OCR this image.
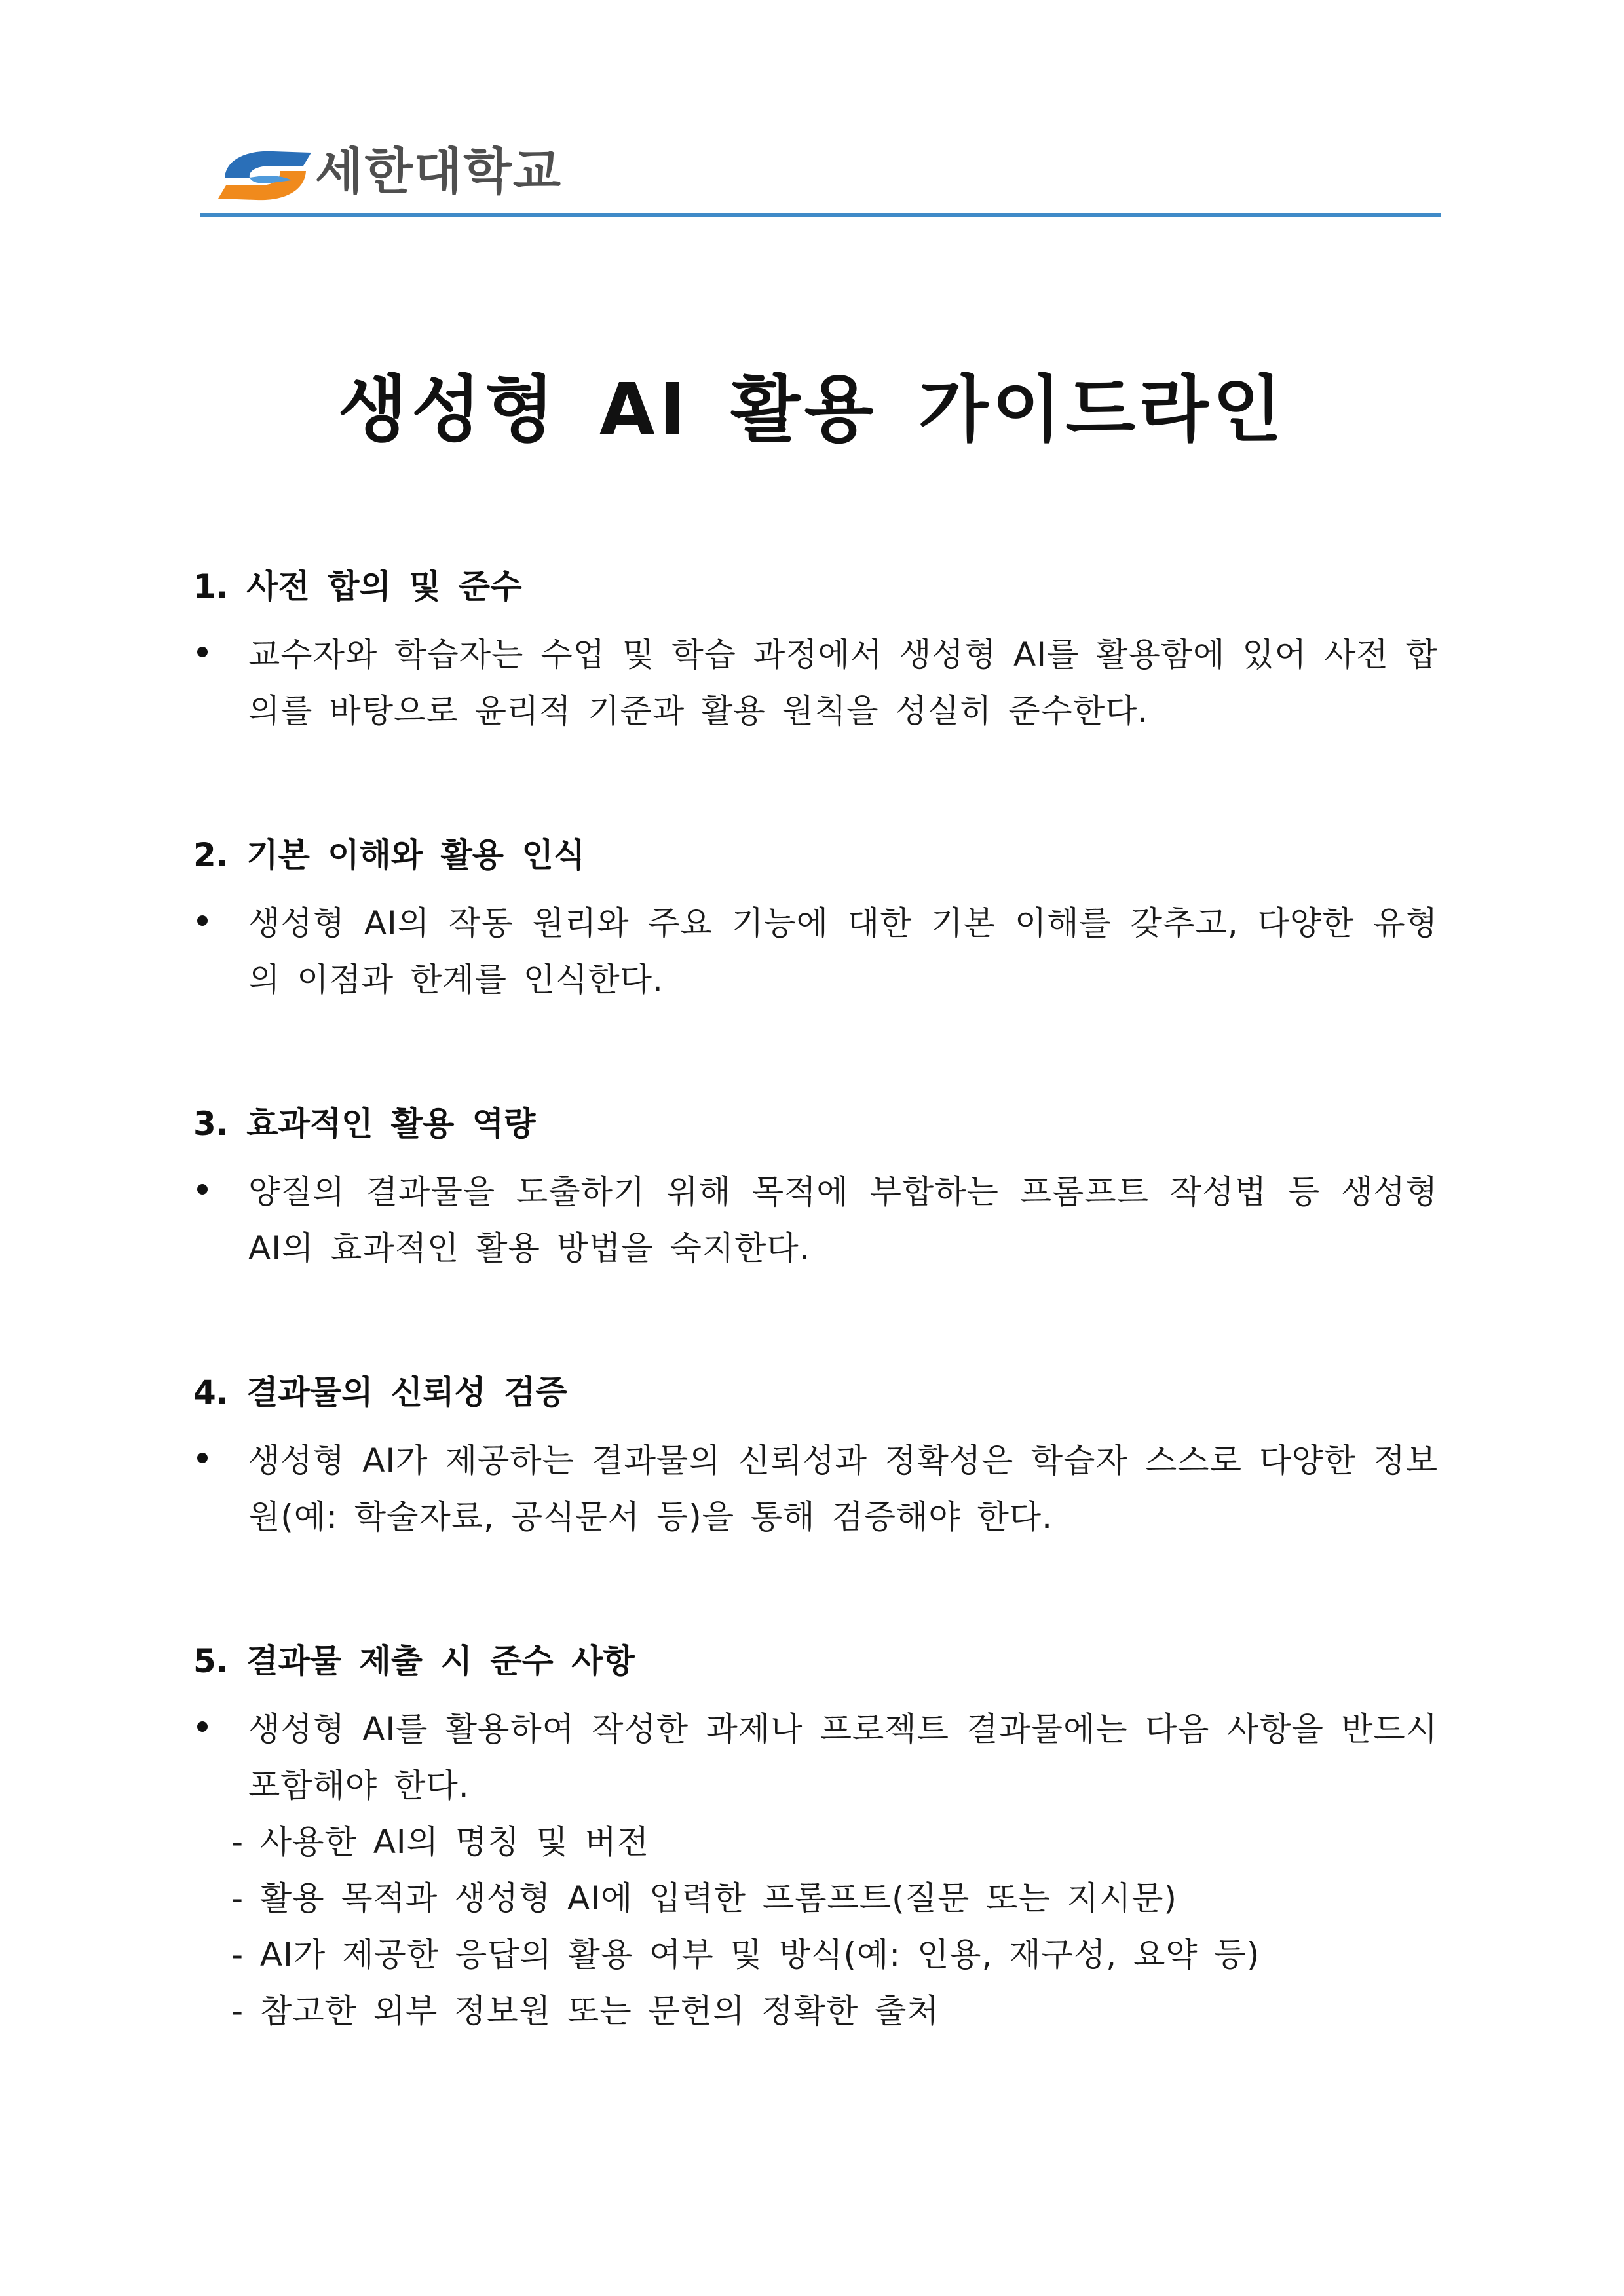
세한대학교
생성형 AI 활용 가이드라인
1. 사전 합의 및 준수
교수자와 학습자는 수업 및 학습 과정에서 생성형 AI를 활용함에 있어 사전 합의를 바탕으로 윤리적 기준과 활용 원칙을 성실히 준수한다.
2. 기본 이해와 활용 인식
생성형 AI의 작동 원리와 주요 기능에 대한 기본 이해를 갖추고, 다양한 유형의 이점과 한계를 인식한다.
3. 효과적인 활용 역량
양질의 결과물을 도출하기 위해 목적에 부합하는 프롬프트 작성법 등 생성형 AI의 효과적인 활용 방법을 숙지한다.
4. 결과물의 신뢰성 검증
생성형 AI가 제공하는 결과물의 신뢰성과 정확성은 학습자 스스로 다양한 정보원(예: 학술자료, 공식문서 등)을 통해 검증해야 한다.
5. 결과물 제출 시 준수 사항
생성형 AI를 활용하여 작성한 과제나 프로젝트 결과물에는 다음 사항을 반드시 포함해야 한다.
- 사용한 AI의 명칭 및 버전
- 활용 목적과 생성형 AI에 입력한 프롬프트(질문 또는 지시문)
- AI가 제공한 응답의 활용 여부 및 방식(예: 인용, 재구성, 요약 등)
- 참고한 외부 정보원 또는 문헌의 정확한 출처
